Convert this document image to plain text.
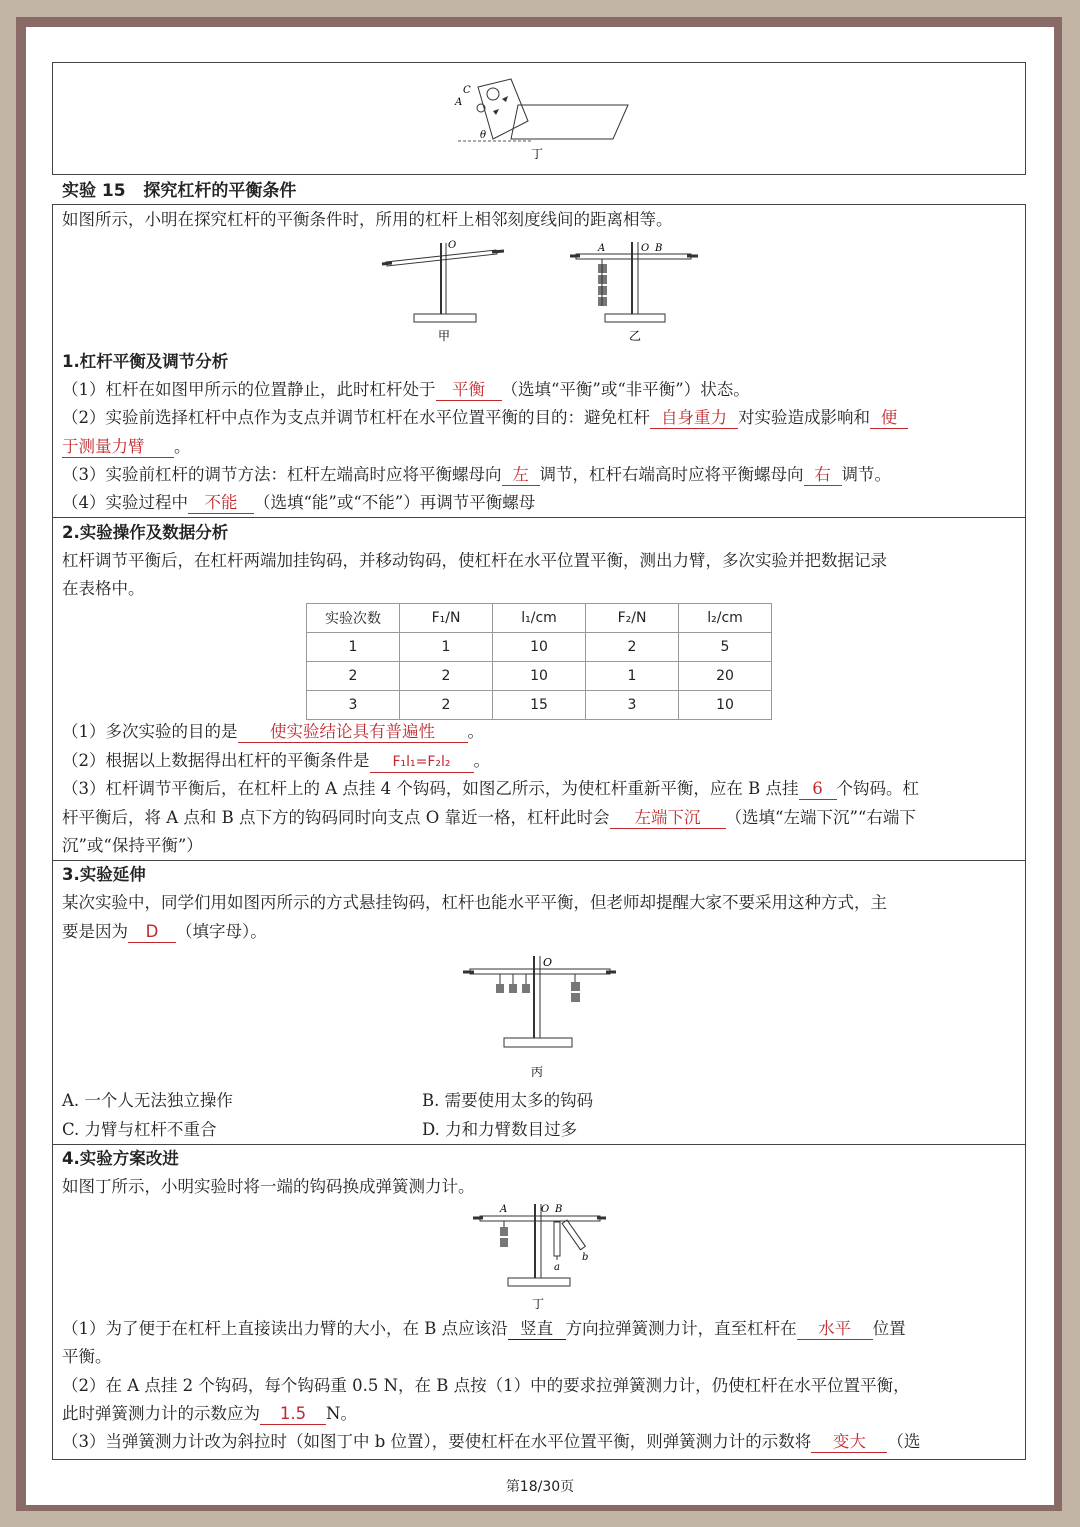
C
A
θ
丁
实验 15 探究杠杆的平衡条件
如图所示，小明在探究杠杆的平衡条件时，所用的杠杆上相邻刻度线间的距离相等。
O
甲
A	O B
乙
1.杠杆平衡及调节分析
（1）杠杆在如图甲所示的位置静止，此时杠杆处于 平衡 （选填“平衡”或“非平衡”）状态。
（2）实验前选择杠杆中点作为支点并调节杠杆在水平位置平衡的目的：避免杠杆 自身重力 对实验造成影响和 便
于测量力臂 。
（3）实验前杠杆的调节方法：杠杆左端高时应将平衡螺母向 左 调节，杠杆右端高时应将平衡螺母向 右 调节。
（4）实验过程中 不能 （选填“能”或“不能”）再调节平衡螺母
2.实验操作及数据分析
杠杆调节平衡后，在杠杆两端加挂钩码，并移动钩码，使杠杆在水平位置平衡，测出力臂，多次实验并把数据记录
在表格中。
实验次数	F₁/N	l₁/cm	F₂/N	l₂/cm
1	1	10	2	5
2	2	10	1	20
3	2	15	3	10
（1）多次实验的目的是 使实验结论具有普遍性 。
（2）根据以上数据得出杠杆的平衡条件是 F₁l₁=F₂l₂ 。
（3）杠杆调节平衡后，在杠杆上的 A 点挂 4 个钩码，如图乙所示，为使杠杆重新平衡，应在 B 点挂 6 个钩码。杠
杆平衡后，将 A 点和 B 点下方的钩码同时向支点 O 靠近一格，杠杆此时会 左端下沉 （选填“左端下沉”“右端下
沉”或“保持平衡”）
3.实验延伸
某次实验中，同学们用如图丙所示的方式悬挂钩码，杠杆也能水平平衡，但老师却提醒大家不要采用这种方式，主
要是因为 D （填字母）。
O
丙
A. 一个人无法独立操作	B. 需要使用太多的钩码
C. 力臂与杠杆不重合	D. 力和力臂数目过多
4.实验方案改进
如图丁所示，小明实验时将一端的钩码换成弹簧测力计。
A	O B
a
b
丁
（1）为了便于在杠杆上直接读出力臂的大小，在 B 点应该沿 竖直 方向拉弹簧测力计，直至杠杆在 水平 位置
平衡。
（2）在 A 点挂 2 个钩码，每个钩码重 0.5 N，在 B 点按（1）中的要求拉弹簧测力计，仍使杠杆在水平位置平衡，
此时弹簧测力计的示数应为 1.5 N。
（3）当弹簧测力计改为斜拉时（如图丁中 b 位置），要使杠杆在水平位置平衡，则弹簧测力计的示数将 变大 （选
第18/30页
